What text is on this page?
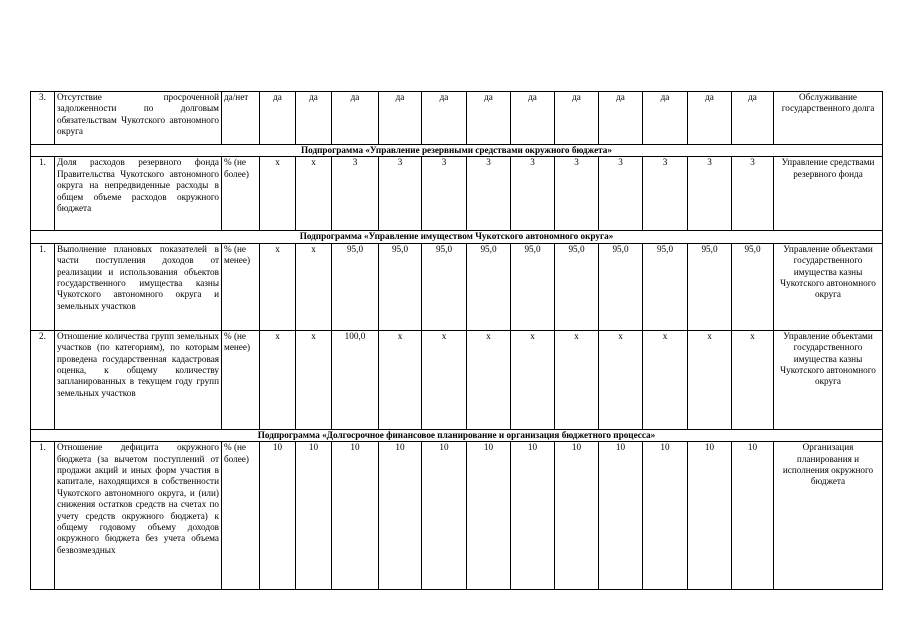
3.	Отсутствие просроченной задолженности по долговым обязательствам Чукотского автономного округа	да/нет	да	да	да	да	да	да	да	да	да	да	да	да	Обслуживание государственного долга
Подпрограмма «Управление резервными средствами окружного бюджета»															
1.	Доля расходов резервного фонда Правительства Чукотского автономного округа на непредвиденные расходы в общем объеме расходов окружного бюджета	% (не более)	x	x	3	3	3	3	3	3	3	3	3	3	Управление средствами резервного фонда
Подпрограмма «Управление имуществом Чукотского автономного округа»															
1.	Выполнение плановых показателей в части поступления доходов от реализации и использования объектов государственного имущества казны Чукотского автономного округа и земельных участков	% (не менее)	x	x	95,0	95,0	95,0	95,0	95,0	95,0	95,0	95,0	95,0	95,0	Управление объектами государственного имущества казны Чукотского автономного округа
2.	Отношение количества групп земельных участков (по категориям), по которым проведена государственная кадастровая оценка, к общему количеству запланированных в текущем году групп земельных участков	% (не менее)	x	x	100,0	x	x	x	x	x	x	x	x	x	Управление объектами государственного имущества казны Чукотского автономного округа
Подпрограмма «Долгосрочное финансовое планирование и организация бюджетного процесса»															
1.	Отношение дефицита окружного бюджета (за вычетом поступлений от продажи акций и иных форм участия в капитале, находящихся в собственности Чукотского автономного округа, и (или) снижения остатков средств на счетах по учету средств окружного бюджета) к общему годовому объему доходов окружного бюджета без учета объема безвозмездных	% (не более)	10	10	10	10	10	10	10	10	10	10	10	10	Организация планирования и исполнения окружного бюджета
